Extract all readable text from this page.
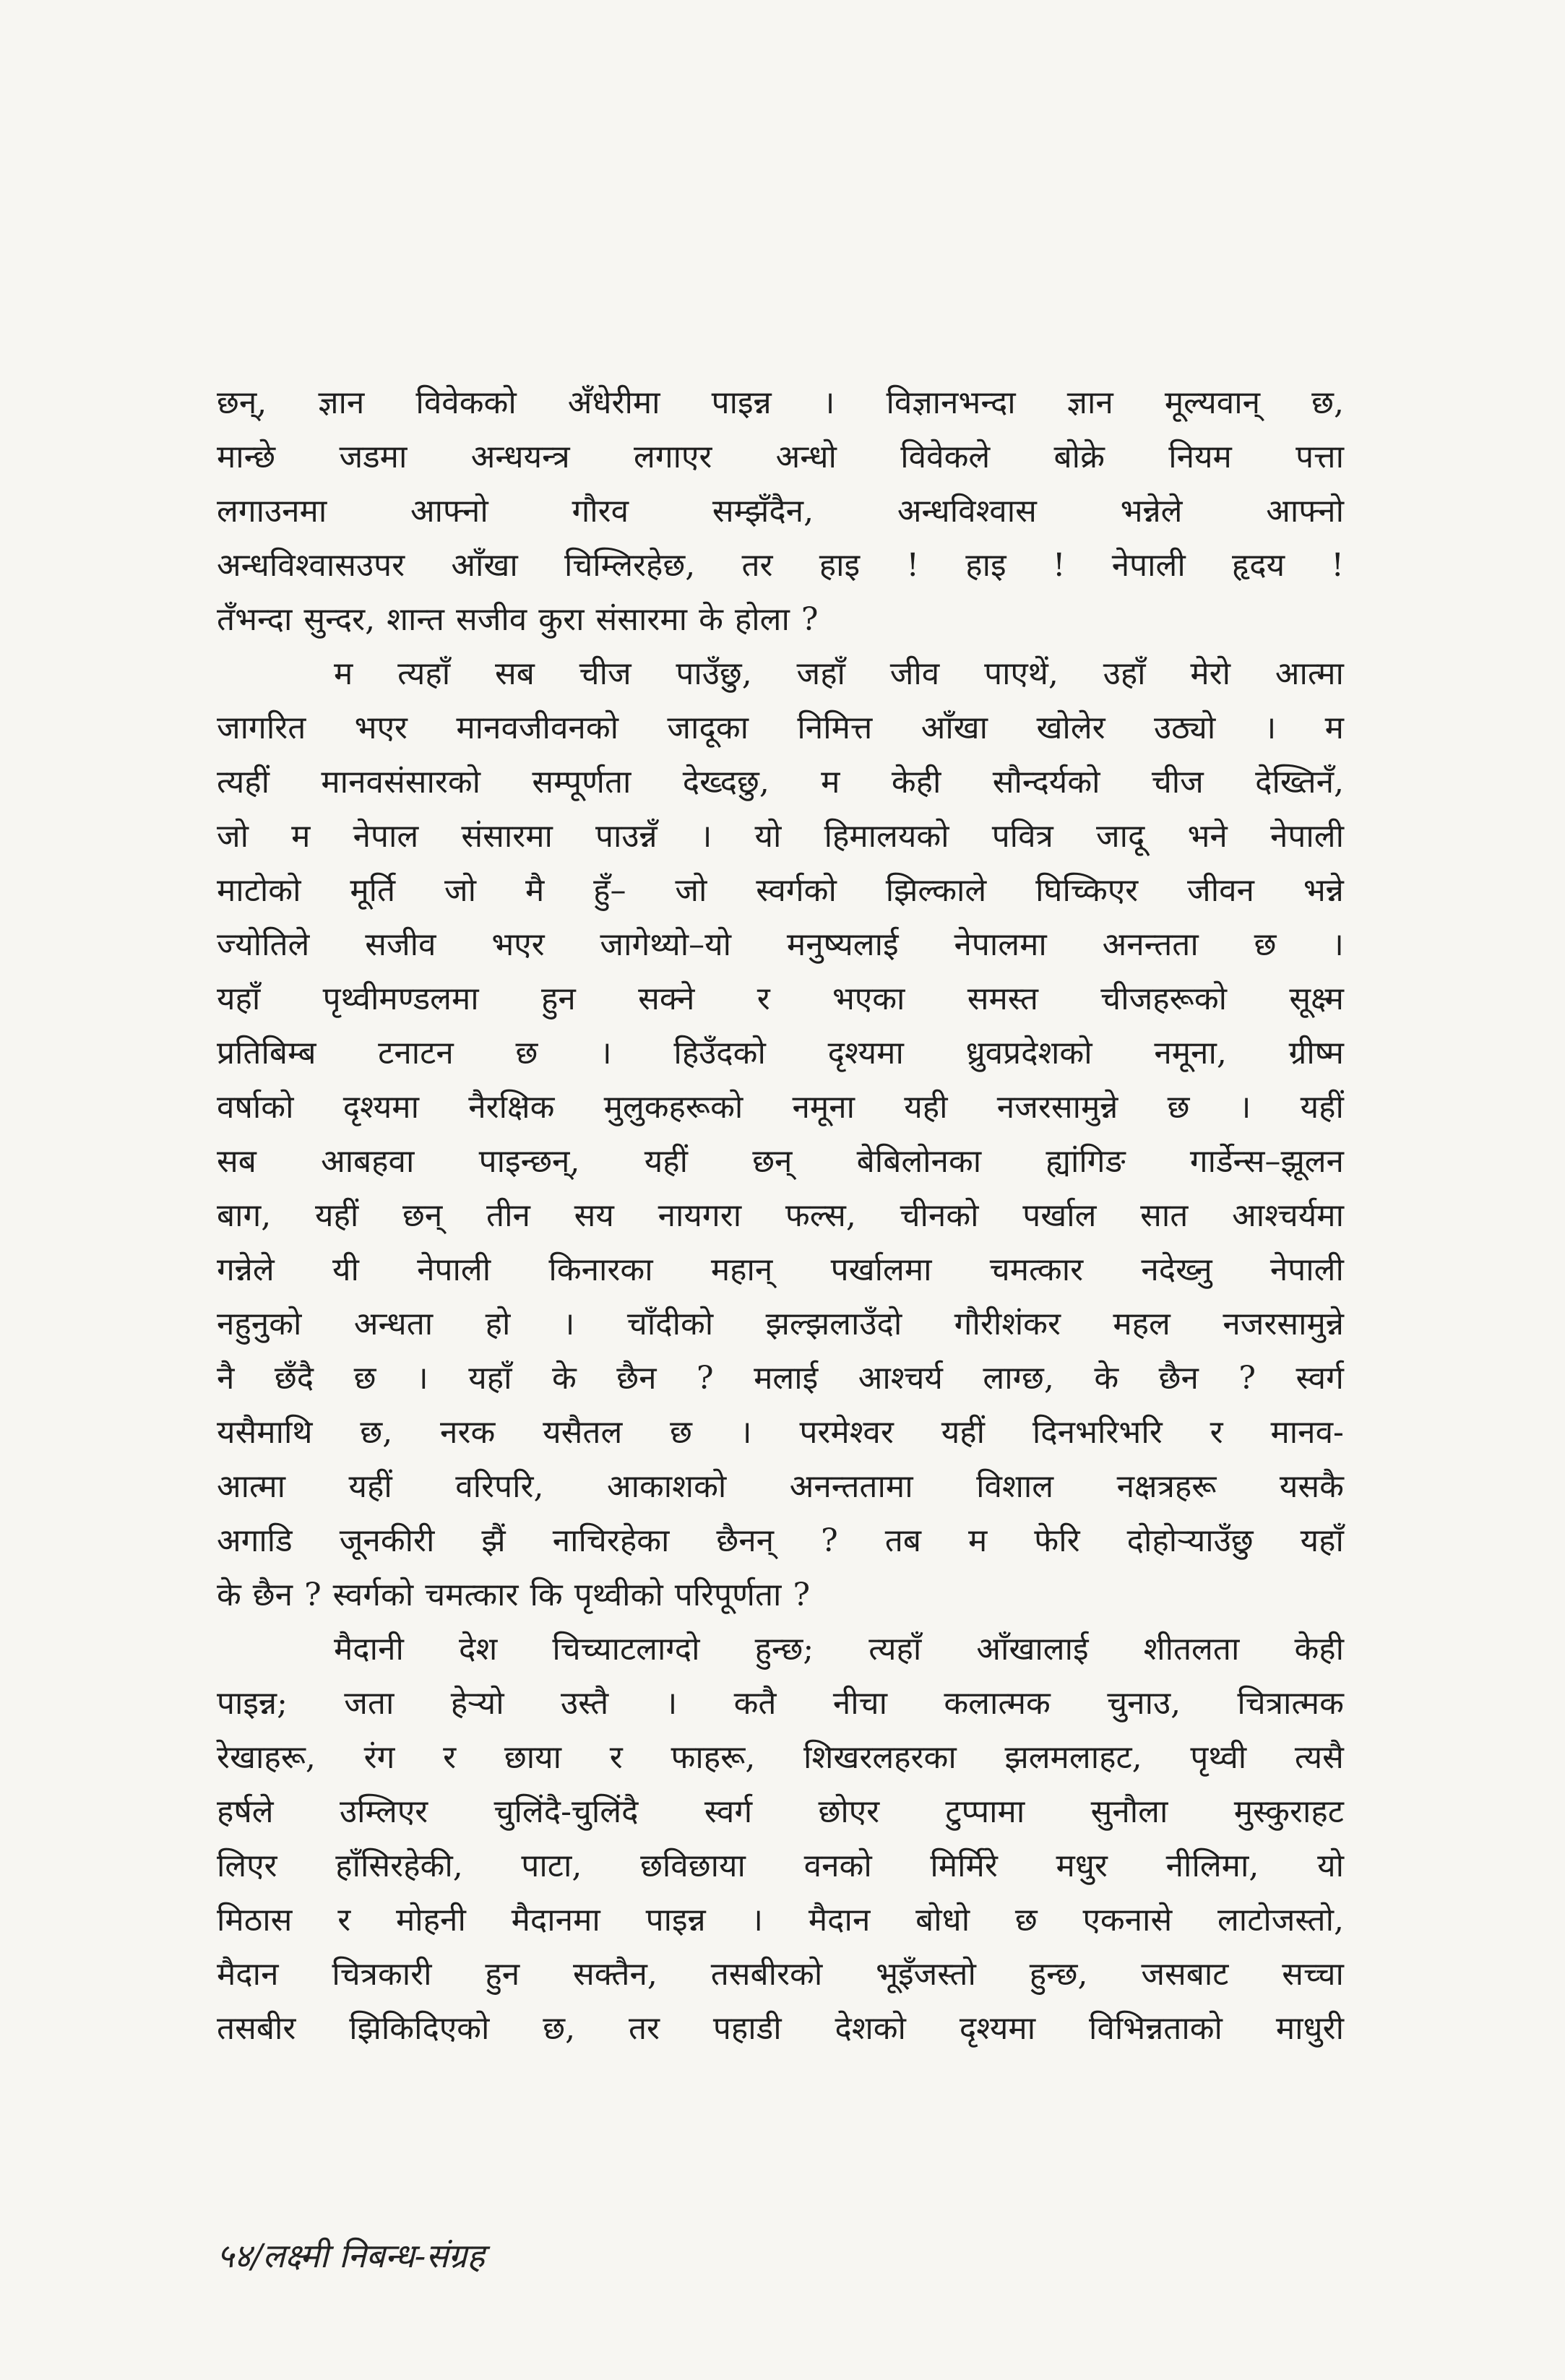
छन्, ज्ञान विवेकको अँधेरीमा पाइन्न । विज्ञानभन्दा ज्ञान मूल्यवान् छ,
मान्छे जडमा अन्धयन्त्र लगाएर अन्धो विवेकले बोक्रे नियम पत्ता
लगाउनमा	आफ्नो	गौरव	सम्झँदैन,	अन्धविश्वास	भन्नेले	आफ्नो
अन्धविश्वासउपर आँखा चिम्लिरहेछ, तर हाइ ! हाइ ! नेपाली हृदय !
तँभन्दा सुन्दर, शान्त सजीव कुरा संसारमा के होला ?
म त्यहाँ सब चीज पाउँछु, जहाँ जीव पाएथें, उहाँ मेरो आत्मा
जागरित भएर मानवजीवनको जादूका निमित्त आँखा खोलेर उठ्यो । म
त्यहीं मानवसंसारको सम्पूर्णता देख्दछु, म केही सौन्दर्यको चीज देख्तिनँ,
जो म नेपाल संसारमा पाउन्नँ । यो हिमालयको पवित्र जादू भने नेपाली
माटोको मूर्ति जो मै हुँ– जो स्वर्गको झिल्काले घिच्किएर जीवन भन्ने
ज्योतिले सजीव भएर जागेथ्यो–यो मनुष्यलाई नेपालमा अनन्तता छ ।
यहाँ पृथ्वीमण्डलमा हुन सक्ने र भएका समस्त चीजहरूको सूक्ष्म
प्रतिबिम्ब टनाटन छ । हिउँदको दृश्यमा ध्रुवप्रदेशको नमूना, ग्रीष्म
वर्षाको दृश्यमा नैरक्षिक मुलुकहरूको नमूना यही नजरसामुन्ने छ । यहीं
सब आबहवा पाइन्छन्, यहीं छन् बेबिलोनका ह्यांगिङ गार्डेन्स–झूलन
बाग, यहीं छन् तीन सय नायगरा फल्स, चीनको पर्खाल सात आश्चर्यमा
गन्नेले यी नेपाली किनारका महान् पर्खालमा चमत्कार नदेख्नु नेपाली
नहुनुको अन्धता हो । चाँदीको झल्झलाउँदो गौरीशंकर महल नजरसामुन्ने
नै छँदै छ । यहाँ के छैन ? मलाई आश्चर्य लाग्छ, के छैन ? स्वर्ग
यसैमाथि छ, नरक यसैतल छ । परमेश्वर यहीं दिनभरिभरि र मानव-
आत्मा यहीं वरिपरि, आकाशको अनन्ततामा विशाल नक्षत्रहरू यसकै
अगाडि जूनकीरी झैं नाचिरहेका छैनन् ? तब म फेरि दोहोऱ्याउँछु यहाँ
के छैन ? स्वर्गको चमत्कार कि पृथ्वीको परिपूर्णता ?
मैदानी देश चिच्याटलाग्दो हुन्छ; त्यहाँ आँखालाई शीतलता केही
पाइन्न; जता हेऱ्यो उस्तै । कतै नीचा कलात्मक चुनाउ, चित्रात्मक
रेखाहरू, रंग र छाया र फाहरू, शिखरलहरका झलमलाहट, पृथ्वी त्यसै
हर्षले उम्लिएर चुलिंदै-चुलिंदै स्वर्ग छोएर टुप्पामा सुनौला मुस्कुराहट
लिएर हाँसिरहेकी, पाटा, छविछाया वनको मिर्मिरे मधुर नीलिमा, यो
मिठास र मोहनी मैदानमा पाइन्न । मैदान बोधो छ एकनासे लाटोजस्तो,
मैदान चित्रकारी हुन सक्तैन, तसबीरको भूइँजस्तो हुन्छ, जसबाट सच्चा
तसबीर झिकिदिएको छ, तर पहाडी देशको दृश्यमा विभिन्नताको माधुरी
५४/लक्ष्मी निबन्ध-संग्रह
